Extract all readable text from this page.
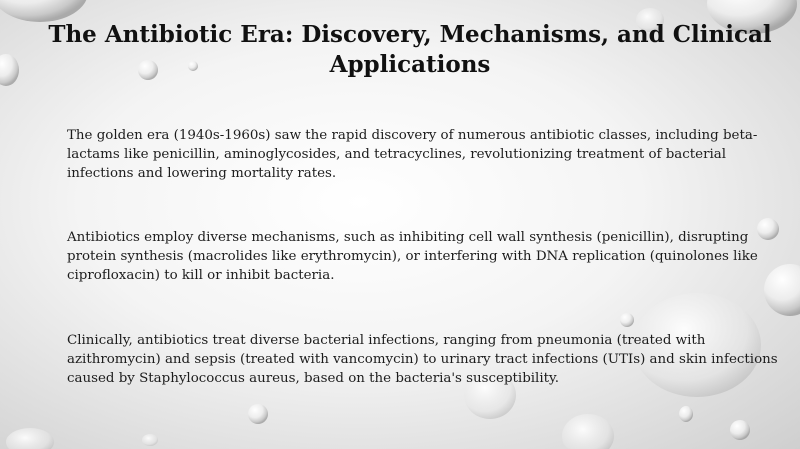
The Antibiotic Era: Discovery, Mechanisms, and Clinical Applications

The golden era (1940s-1960s) saw the rapid discovery of numerous antibiotic classes, including beta-lactams like penicillin, aminoglycosides, and tetracyclines, revolutionizing treatment of bacterial infections and lowering mortality rates.

Antibiotics employ diverse mechanisms, such as inhibiting cell wall synthesis (penicillin), disrupting protein synthesis (macrolides like erythromycin), or interfering with DNA replication (quinolones like ciprofloxacin) to kill or inhibit bacteria.

Clinically, antibiotics treat diverse bacterial infections, ranging from pneumonia (treated with azithromycin) and sepsis (treated with vancomycin) to urinary tract infections (UTIs) and skin infections caused by Staphylococcus aureus, based on the bacteria's susceptibility.
